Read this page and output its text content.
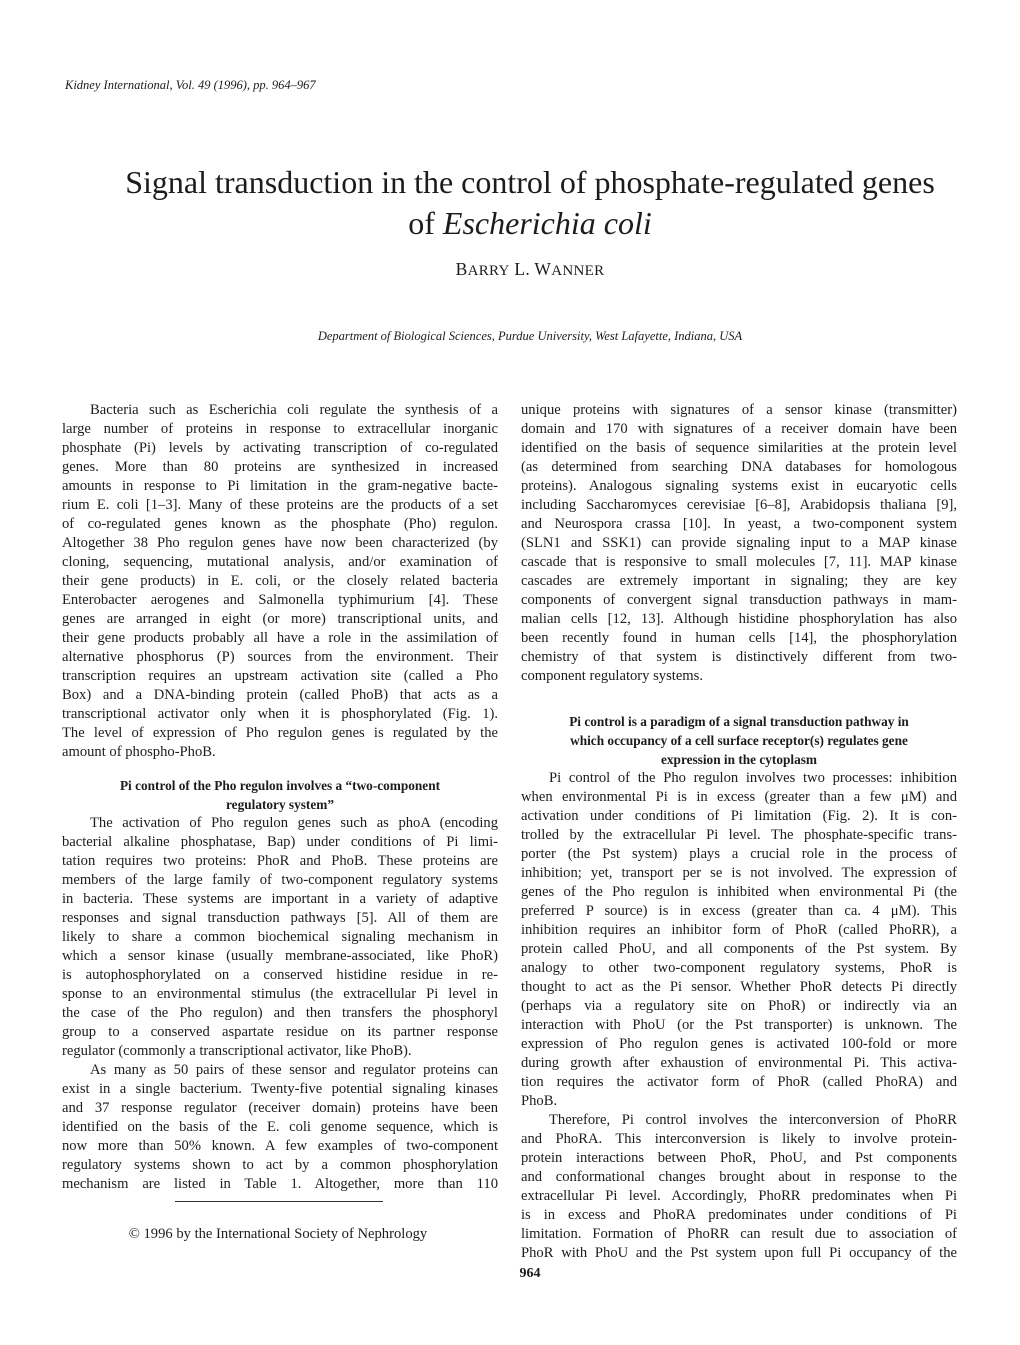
Kidney International, Vol. 49 (1996), pp. 964–967
Signal transduction in the control of phosphate-regulated genes
of Escherichia coli
BARRY L. WANNER
Department of Biological Sciences, Purdue University, West Lafayette, Indiana, USA
Bacteria such as Escherichia coli regulate the synthesis of a
large number of proteins in response to extracellular inorganic
phosphate (Pi) levels by activating transcription of co-regulated
genes. More than 80 proteins are synthesized in increased
amounts in response to Pi limitation in the gram-negative bacte-
rium E. coli [1–3]. Many of these proteins are the products of a set
of co-regulated genes known as the phosphate (Pho) regulon.
Altogether 38 Pho regulon genes have now been characterized (by
cloning, sequencing, mutational analysis, and/or examination of
their gene products) in E. coli, or the closely related bacteria
Enterobacter aerogenes and Salmonella typhimurium [4]. These
genes are arranged in eight (or more) transcriptional units, and
their gene products probably all have a role in the assimilation of
alternative phosphorus (P) sources from the environment. Their
transcription requires an upstream activation site (called a Pho
Box) and a DNA-binding protein (called PhoB) that acts as a
transcriptional activator only when it is phosphorylated (Fig. 1).
The level of expression of Pho regulon genes is regulated by the
amount of phospho-PhoB.
Pi control of the Pho regulon involves a “two-component
regulatory system”
The activation of Pho regulon genes such as phoA (encoding
bacterial alkaline phosphatase, Bap) under conditions of Pi limi-
tation requires two proteins: PhoR and PhoB. These proteins are
members of the large family of two-component regulatory systems
in bacteria. These systems are important in a variety of adaptive
responses and signal transduction pathways [5]. All of them are
likely to share a common biochemical signaling mechanism in
which a sensor kinase (usually membrane-associated, like PhoR)
is autophosphorylated on a conserved histidine residue in re-
sponse to an environmental stimulus (the extracellular Pi level in
the case of the Pho regulon) and then transfers the phosphoryl
group to a conserved aspartate residue on its partner response
regulator (commonly a transcriptional activator, like PhoB).
As many as 50 pairs of these sensor and regulator proteins can
exist in a single bacterium. Twenty-five potential signaling kinases
and 37 response regulator (receiver domain) proteins have been
identified on the basis of the E. coli genome sequence, which is
now more than 50% known. A few examples of two-component
regulatory systems shown to act by a common phosphorylation
mechanism are listed in Table 1. Altogether, more than 110
© 1996 by the International Society of Nephrology
unique proteins with signatures of a sensor kinase (transmitter)
domain and 170 with signatures of a receiver domain have been
identified on the basis of sequence similarities at the protein level
(as determined from searching DNA databases for homologous
proteins). Analogous signaling systems exist in eucaryotic cells
including Saccharomyces cerevisiae [6–8], Arabidopsis thaliana [9],
and Neurospora crassa [10]. In yeast, a two-component system
(SLN1 and SSK1) can provide signaling input to a MAP kinase
cascade that is responsive to small molecules [7, 11]. MAP kinase
cascades are extremely important in signaling; they are key
components of convergent signal transduction pathways in mam-
malian cells [12, 13]. Although histidine phosphorylation has also
been recently found in human cells [14], the phosphorylation
chemistry of that system is distinctively different from two-
component regulatory systems.
Pi control is a paradigm of a signal transduction pathway in
which occupancy of a cell surface receptor(s) regulates gene
expression in the cytoplasm
Pi control of the Pho regulon involves two processes: inhibition
when environmental Pi is in excess (greater than a few μM) and
activation under conditions of Pi limitation (Fig. 2). It is con-
trolled by the extracellular Pi level. The phosphate-specific trans-
porter (the Pst system) plays a crucial role in the process of
inhibition; yet, transport per se is not involved. The expression of
genes of the Pho regulon is inhibited when environmental Pi (the
preferred P source) is in excess (greater than ca. 4 μM). This
inhibition requires an inhibitor form of PhoR (called PhoRR), a
protein called PhoU, and all components of the Pst system. By
analogy to other two-component regulatory systems, PhoR is
thought to act as the Pi sensor. Whether PhoR detects Pi directly
(perhaps via a regulatory site on PhoR) or indirectly via an
interaction with PhoU (or the Pst transporter) is unknown. The
expression of Pho regulon genes is activated 100-fold or more
during growth after exhaustion of environmental Pi. This activa-
tion requires the activator form of PhoR (called PhoRA) and
PhoB.
Therefore, Pi control involves the interconversion of PhoRR
and PhoRA. This interconversion is likely to involve protein-
protein interactions between PhoR, PhoU, and Pst components
and conformational changes brought about in response to the
extracellular Pi level. Accordingly, PhoRR predominates when Pi
is in excess and PhoRA predominates under conditions of Pi
limitation. Formation of PhoRR can result due to association of
PhoR with PhoU and the Pst system upon full Pi occupancy of the
964
